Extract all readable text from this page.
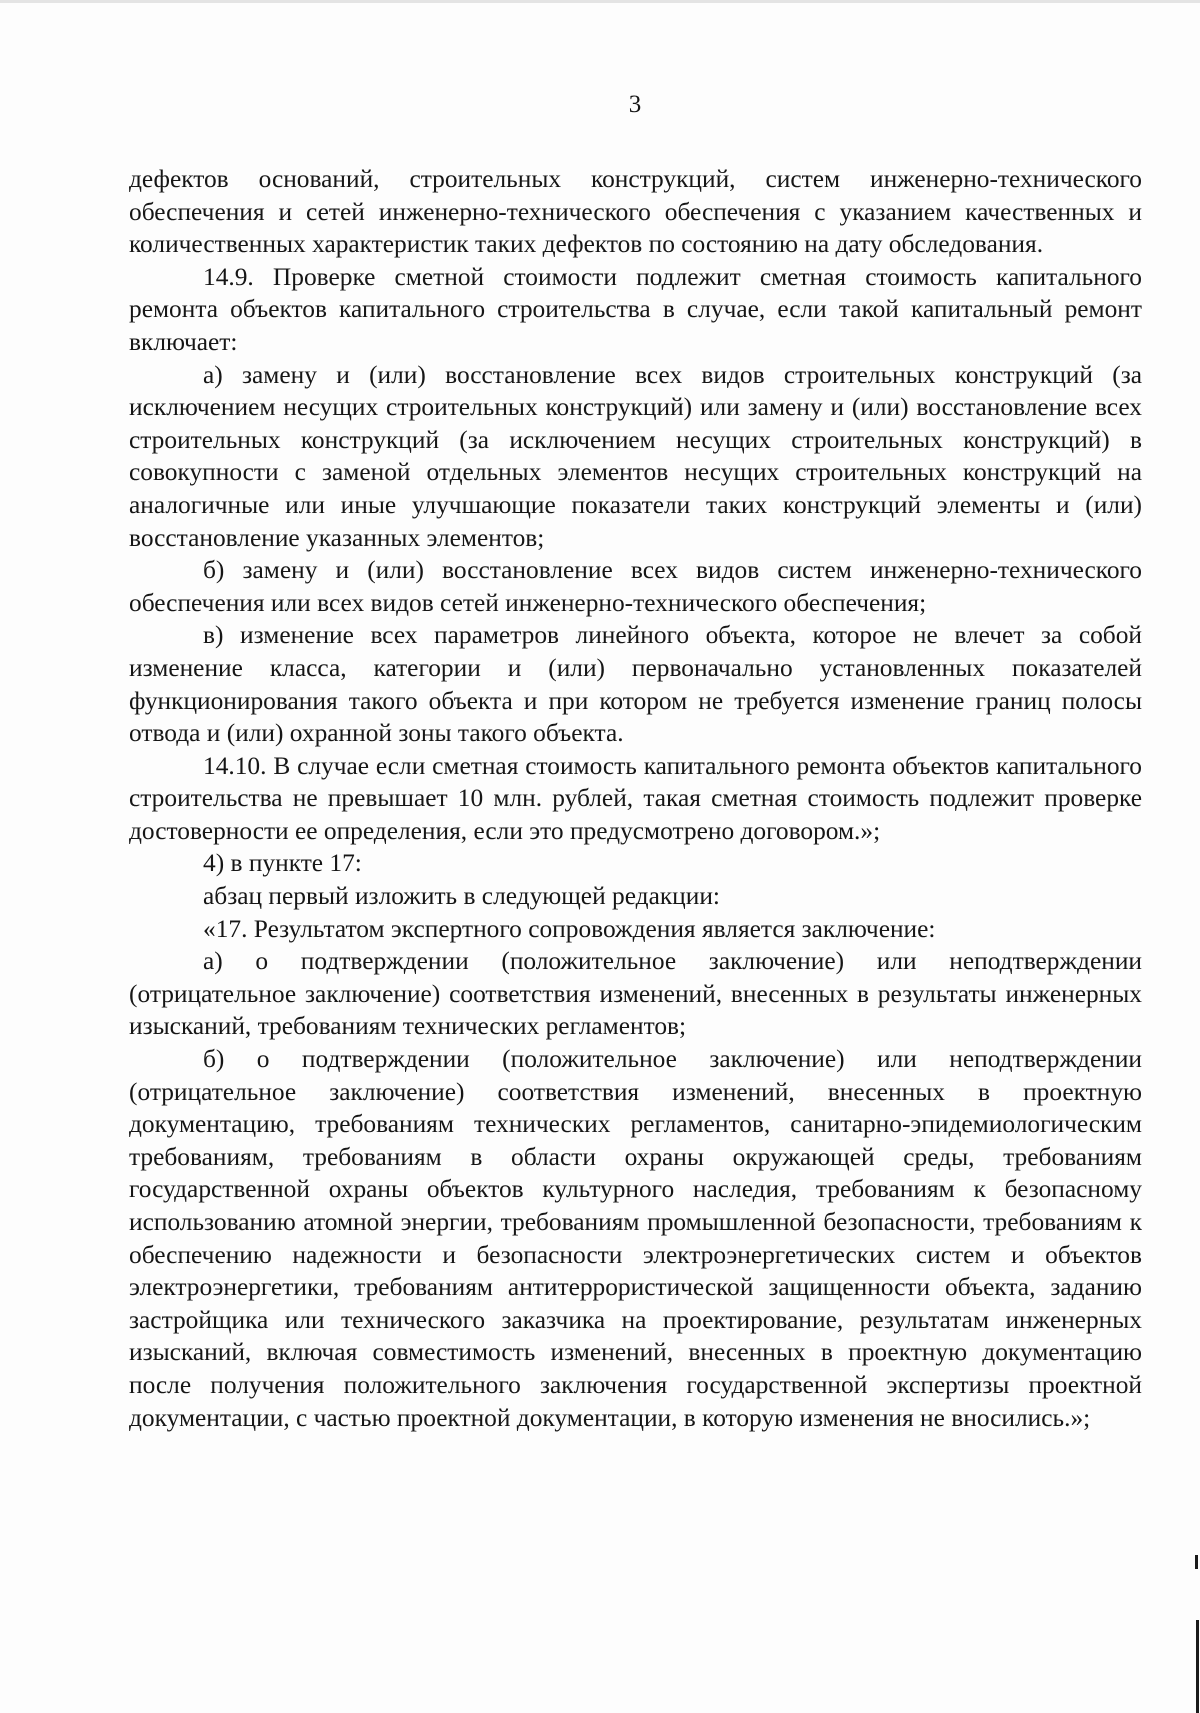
3

дефектов оснований, строительных конструкций, систем инженерно-технического обеспечения и сетей инженерно-технического обеспечения с указанием качественных и количественных характеристик таких дефектов по состоянию на дату обследования.

14.9. Проверке сметной стоимости подлежит сметная стоимость капитального ремонта объектов капитального строительства в случае, если такой капитальный ремонт включает:

а) замену и (или) восстановление всех видов строительных конструкций (за исключением несущих строительных конструкций) или замену и (или) восстановление всех строительных конструкций (за исключением несущих строительных конструкций) в совокупности с заменой отдельных элементов несущих строительных конструкций на аналогичные или иные улучшающие показатели таких конструкций элементы и (или) восстановление указанных элементов;

б) замену и (или) восстановление всех видов систем инженерно-технического обеспечения или всех видов сетей инженерно-технического обеспечения;

в) изменение всех параметров линейного объекта, которое не влечет за собой изменение класса, категории и (или) первоначально установленных показателей функционирования такого объекта и при котором не требуется изменение границ полосы отвода и (или) охранной зоны такого объекта.

14.10. В случае если сметная стоимость капитального ремонта объектов капитального строительства не превышает 10 млн. рублей, такая сметная стоимость подлежит проверке достоверности ее определения, если это предусмотрено договором.»;

4) в пункте 17:

абзац первый изложить в следующей редакции:

«17. Результатом экспертного сопровождения является заключение:

а) о подтверждении (положительное заключение) или неподтверждении (отрицательное заключение) соответствия изменений, внесенных в результаты инженерных изысканий, требованиям технических регламентов;

б) о подтверждении (положительное заключение) или неподтверждении (отрицательное заключение) соответствия изменений, внесенных в проектную документацию, требованиям технических регламентов, санитарно-эпидемиологическим требованиям, требованиям в области охраны окружающей среды, требованиям государственной охраны объектов культурного наследия, требованиям к безопасному использованию атомной энергии, требованиям промышленной безопасности, требованиям к обеспечению надежности и безопасности электроэнергетических систем и объектов электроэнергетики, требованиям антитеррористической защищенности объекта, заданию застройщика или технического заказчика на проектирование, результатам инженерных изысканий, включая совместимость изменений, внесенных в проектную документацию после получения положительного заключения государственной экспертизы проектной документации, с частью проектной документации, в которую изменения не вносились.»;
